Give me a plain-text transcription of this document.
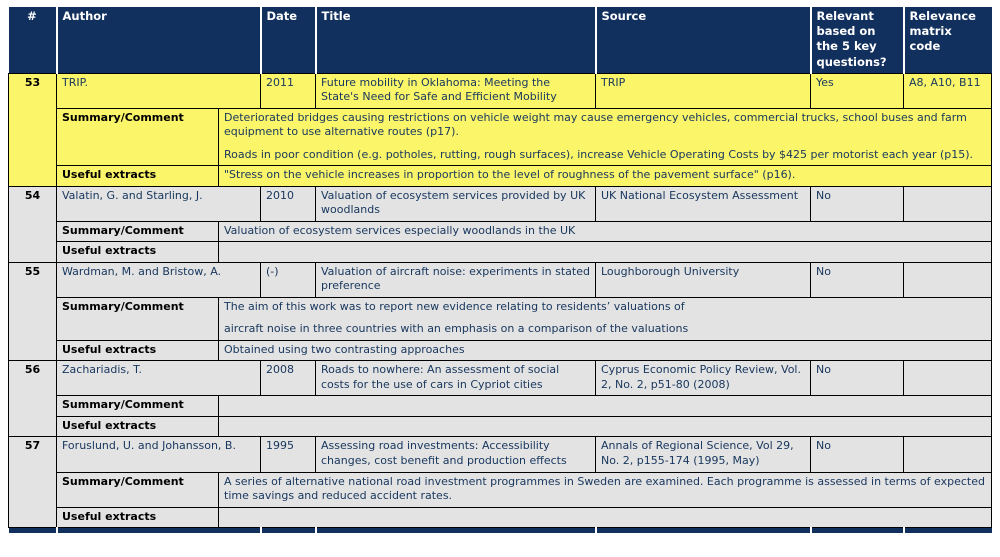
#	Author		Date	Title	Source	Relevant based on the 5 key questions?	Relevance matrix code
53	TRIP.		2011	Future mobility in Oklahoma: Meeting the State's Need for Safe and Efficient Mobility	TRIP	Yes	A8, A10, B11
	Summary/Comment	Deteriorated bridges causing restrictions on vehicle weight may cause emergency vehicles, commercial trucks, school buses and farm equipment to use alternative routes (p17).
Roads in poor condition (e.g. potholes, rutting, rough surfaces), increase Vehicle Operating Costs by $425 per motorist each year (p15).					

	Useful extracts	"Stress on the vehicle increases in proportion to the level of roughness of the pavement surface" (p16).					

54	Valatin, G. and Starling, J.		2010	Valuation of ecosystem services provided by UK woodlands	UK National Ecosystem Assessment	No	
	Summary/Comment	Valuation of ecosystem services especially woodlands in the UK					

	Useful extracts						
55	Wardman, M. and Bristow, A.		(-)	Valuation of aircraft noise: experiments in stated preference	Loughborough University	No	
	Summary/Comment	The aim of this work was to report new evidence relating to residents’ valuations of
aircraft noise in three countries with an emphasis on a comparison of the valuations					

	Useful extracts	Obtained using two contrasting approaches					

56	Zachariadis, T.		2008	Roads to nowhere: An assessment of social costs for the use of cars in Cypriot cities	Cyprus Economic Policy Review, Vol. 2, No. 2, p51-80 (2008)	No	
	Summary/Comment						
	Useful extracts						
57	Foruslund, U. and Johansson, B.		1995	Assessing road investments: Accessibility changes, cost benefit and production effects	Annals of Regional Science, Vol 29, No. 2, p155-174 (1995, May)	No	
	Summary/Comment	A series of alternative national road investment programmes in Sweden are examined. Each programme is assessed in terms of expected time savings and reduced accident rates.					

	Useful extracts						
